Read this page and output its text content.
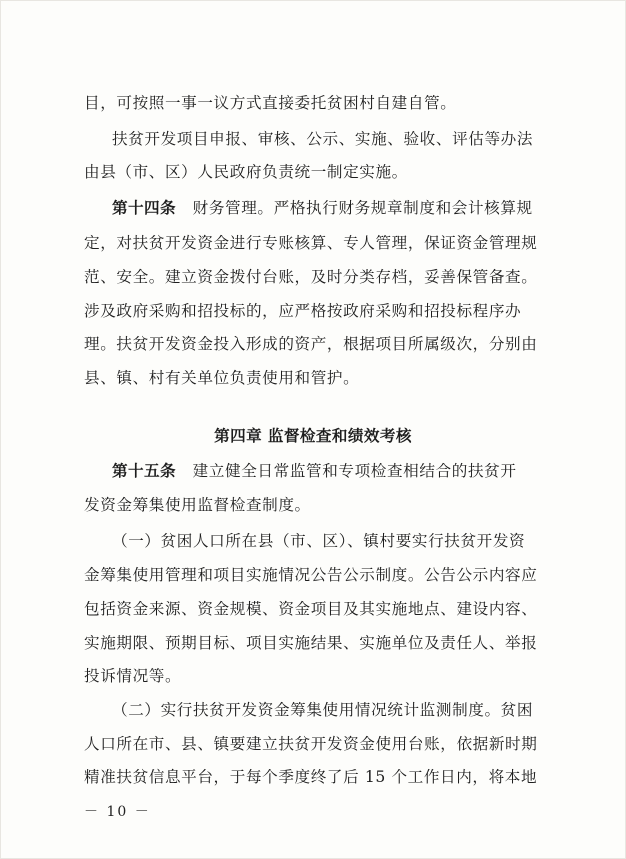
目，可按照一事一议方式直接委托贫困村自建自管。
扶贫开发项目申报、审核、公示、实施、验收、评估等办法
由县（市、区）人民政府负责统一制定实施。
第十四条 财务管理。严格执行财务规章制度和会计核算规
定，对扶贫开发资金进行专账核算、专人管理，保证资金管理规
范、安全。建立资金拨付台账，及时分类存档，妥善保管备查。
涉及政府采购和招投标的，应严格按政府采购和招投标程序办
理。扶贫开发资金投入形成的资产，根据项目所属级次，分别由
县、镇、村有关单位负责使用和管护。
第四章 监督检查和绩效考核
第十五条 建立健全日常监管和专项检查相结合的扶贫开
发资金筹集使用监督检查制度。
（一）贫困人口所在县（市、区）、镇村要实行扶贫开发资
金筹集使用管理和项目实施情况公告公示制度。公告公示内容应
包括资金来源、资金规模、资金项目及其实施地点、建设内容、
实施期限、预期目标、项目实施结果、实施单位及责任人、举报
投诉情况等。
（二）实行扶贫开发资金筹集使用情况统计监测制度。贫困
人口所在市、县、镇要建立扶贫开发资金使用台账，依据新时期
精准扶贫信息平台，于每个季度终了后 15 个工作日内，将本地
－ 10 －
